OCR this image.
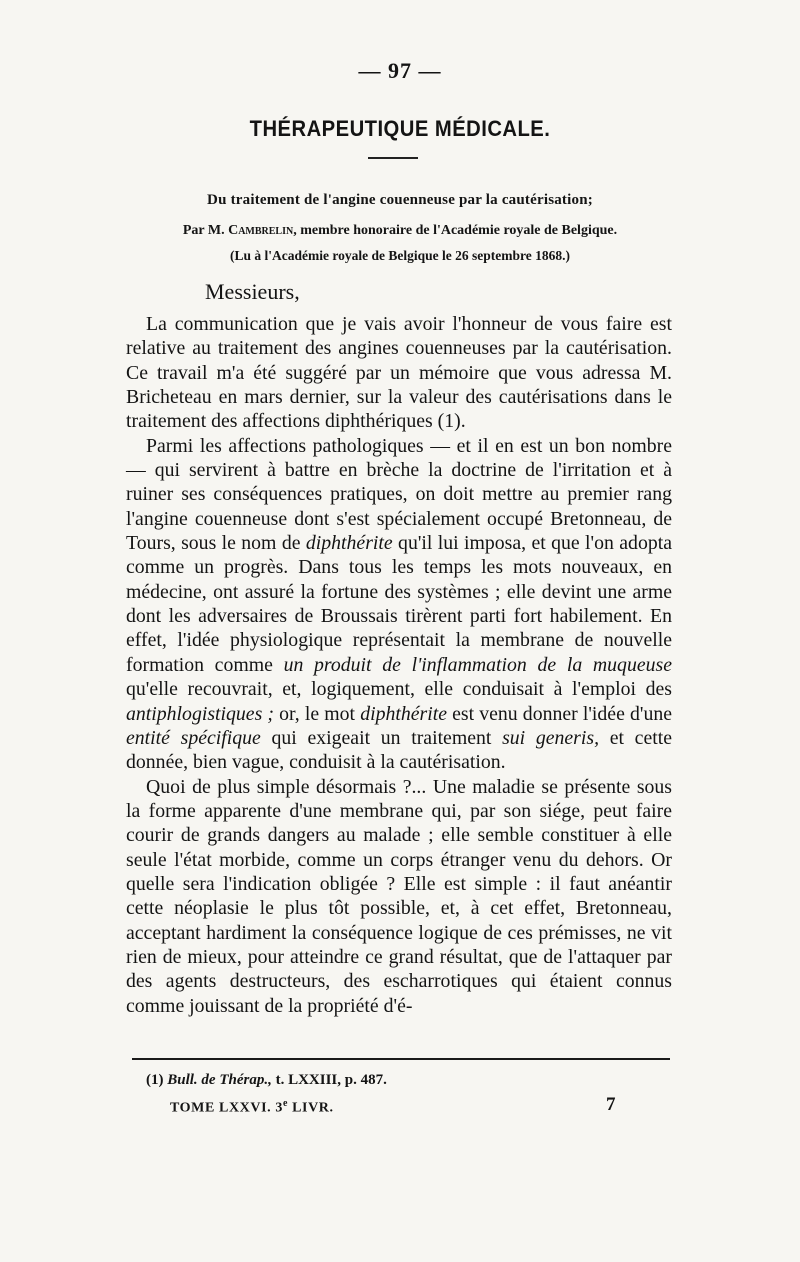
— 97 —
THÉRAPEUTIQUE MÉDICALE.
Du traitement de l'angine couenneuse par la cautérisation;
Par M. Cambrelin, membre honoraire de l'Académie royale de Belgique.
(Lu à l'Académie royale de Belgique le 26 septembre 1868.)
Messieurs,

La communication que je vais avoir l'honneur de vous faire est relative au traitement des angines couenneuses par la cautérisation. Ce travail m'a été suggéré par un mémoire que vous adressa M. Bricheteau en mars dernier, sur la valeur des cautérisations dans le traitement des affections diphthériques (1).

Parmi les affections pathologiques — et il en est un bon nombre — qui servirent à battre en brèche la doctrine de l'irritation et à ruiner ses conséquences pratiques, on doit mettre au premier rang l'angine couenneuse dont s'est spécialement occupé Bretonneau, de Tours, sous le nom de diphthérite qu'il lui imposa, et que l'on adopta comme un progrès. Dans tous les temps les mots nouveaux, en médecine, ont assuré la fortune des systèmes ; elle devint une arme dont les adversaires de Broussais tirèrent parti fort habilement. En effet, l'idée physiologique représentait la membrane de nouvelle formation comme un produit de l'inflammation de la muqueuse qu'elle recouvrait, et, logiquement, elle conduisait à l'emploi des antiphlogistiques ; or, le mot diphthérite est venu donner l'idée d'une entité spécifique qui exigeait un traitement sui generis, et cette donnée, bien vague, conduisit à la cautérisation.

Quoi de plus simple désormais ?... Une maladie se présente sous la forme apparente d'une membrane qui, par son siége, peut faire courir de grands dangers au malade ; elle semble constituer à elle seule l'état morbide, comme un corps étranger venu du dehors. Or quelle sera l'indication obligée ? Elle est simple : il faut anéantir cette néoplasie le plus tôt possible, et, à cet effet, Bretonneau, acceptant hardiment la conséquence logique de ces prémisses, ne vit rien de mieux, pour atteindre ce grand résultat, que de l'attaquer par des agents destructeurs, des escharrotiques qui étaient connus comme jouissant de la propriété d'é-

(1) Bull. de Thérap., t. LXXIII, p. 487.
TOME LXXVI. 3e LIVR.	7
